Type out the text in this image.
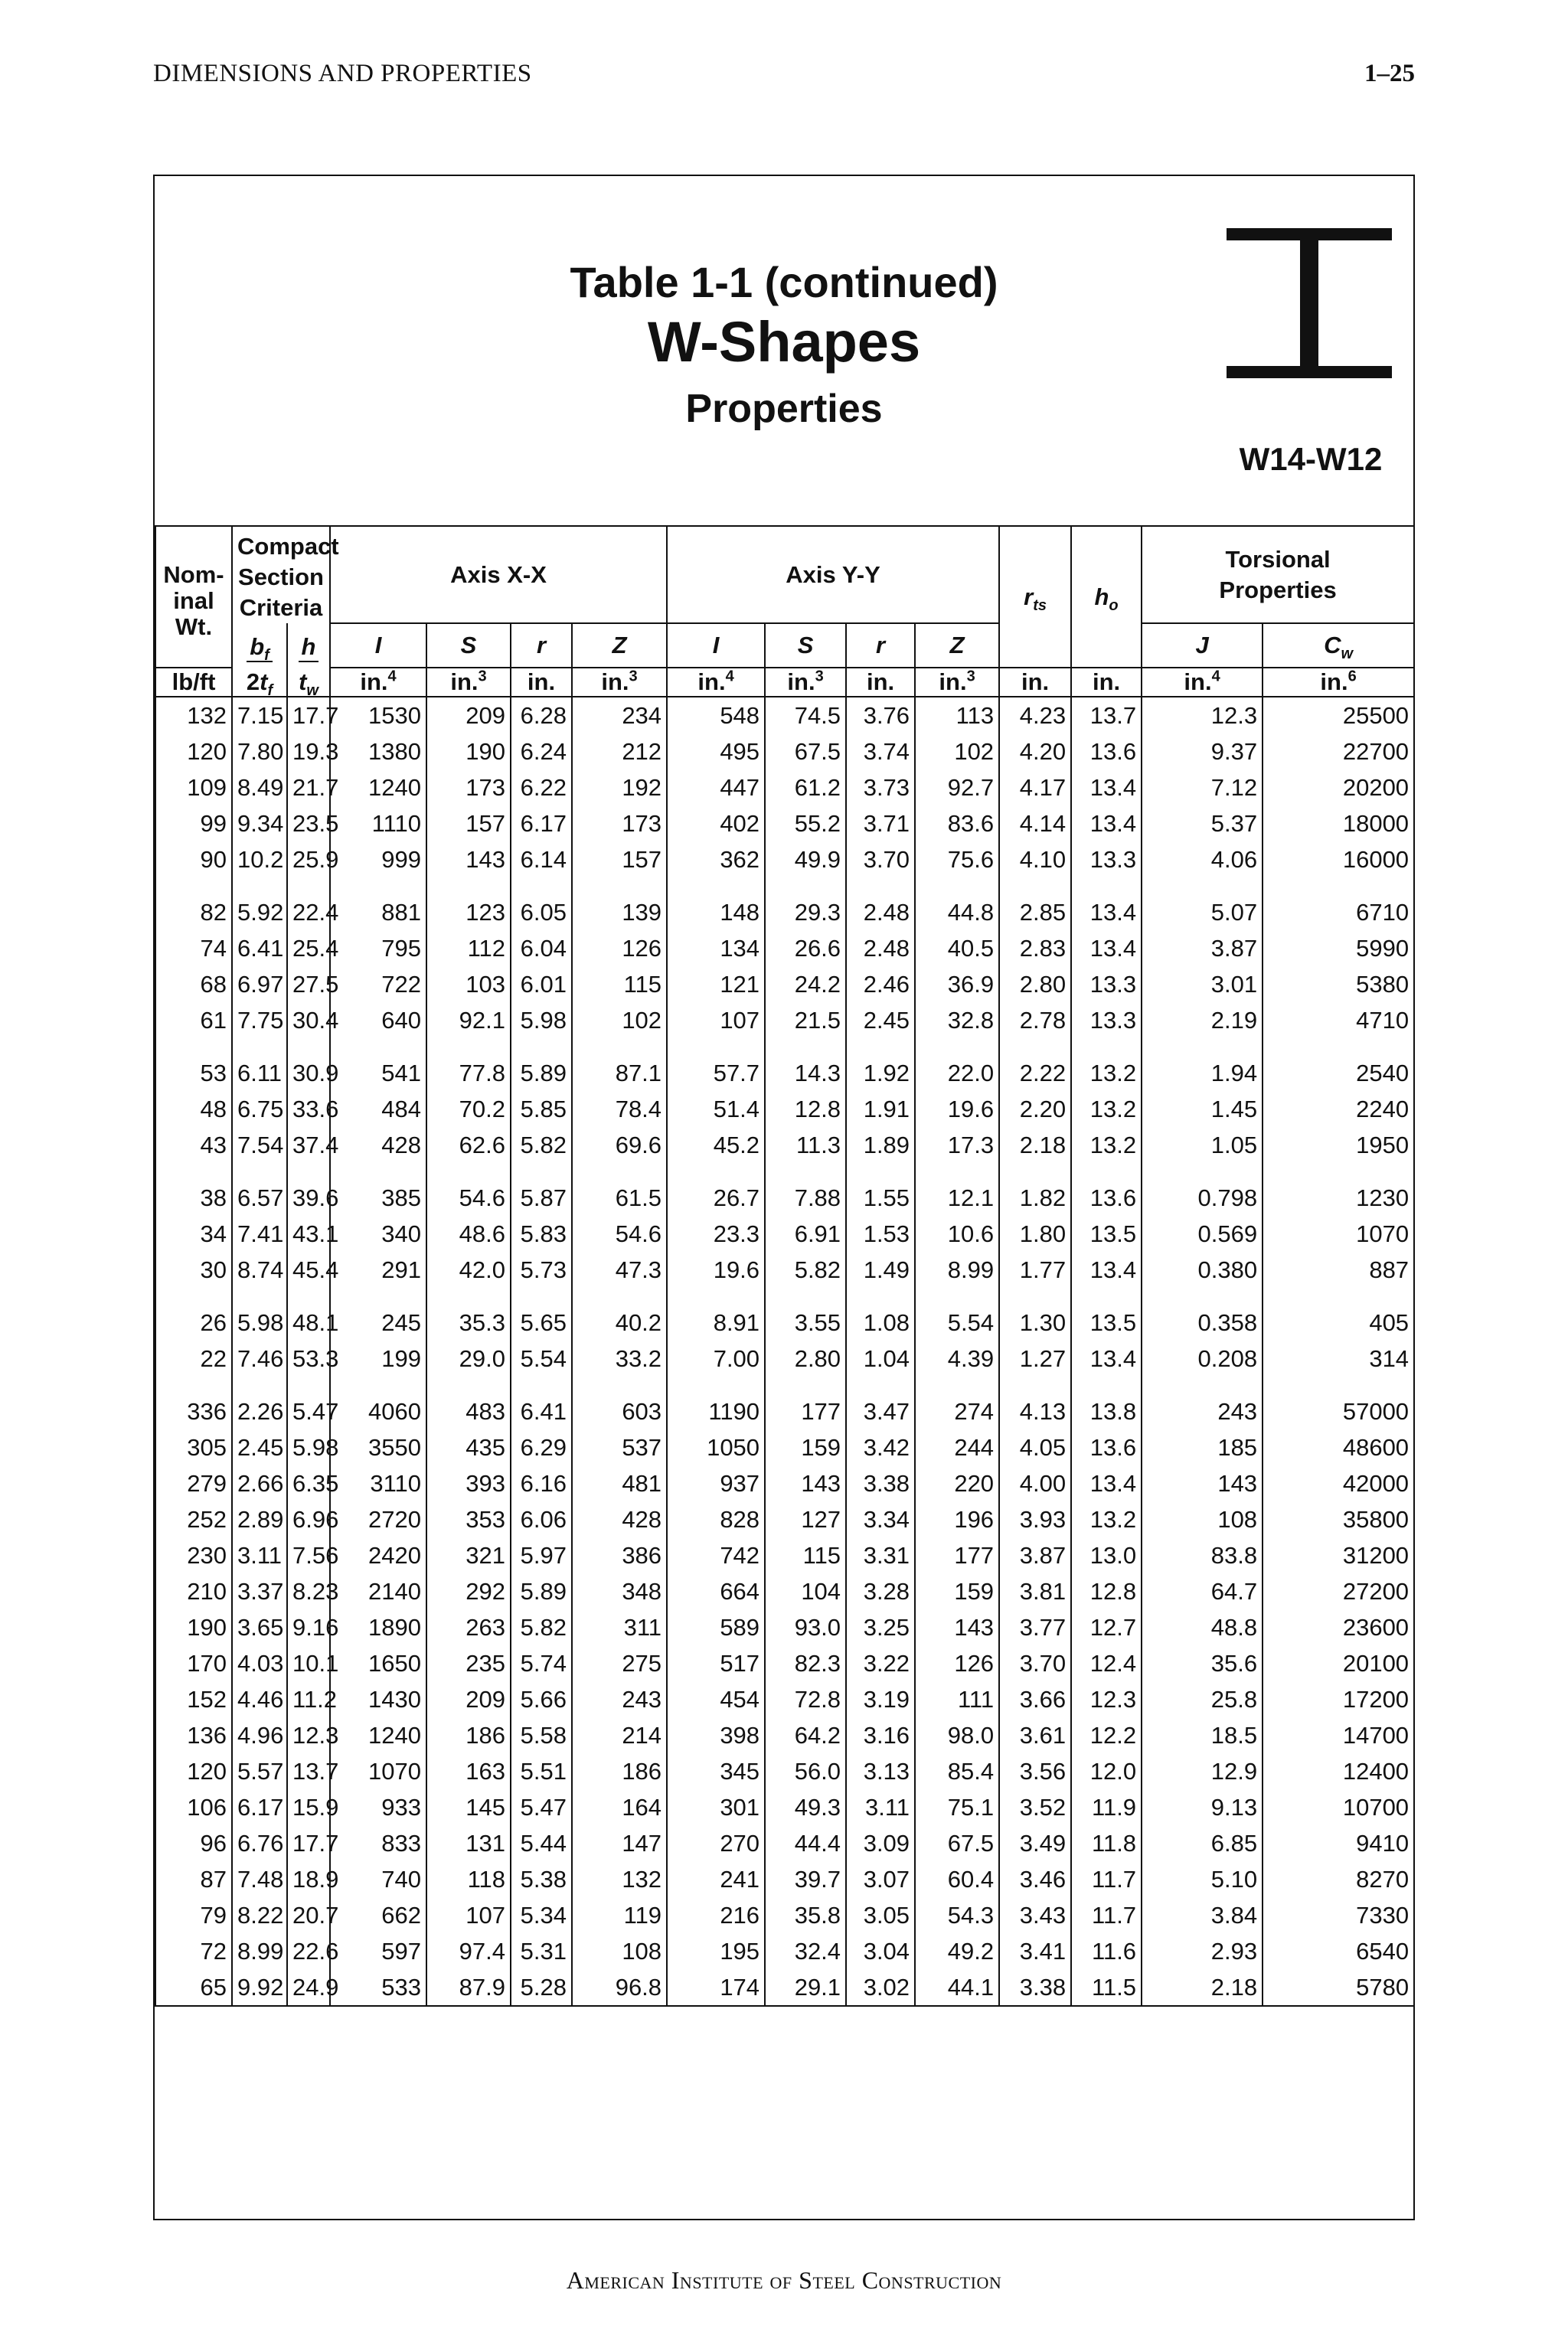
DIMENSIONS AND PROPERTIES	1–25
Table 1-1 (continued)
W-Shapes
Properties
W14-W12
Nom-
inal
Wt.	Compact
Section
Criteria		Axis X-X				Axis Y-Y				$r_{ts}$	$h_o$	Torsional
Properties	

	$b_f$	h	I	S	r	Z	I	S	r	Z			J	$C_w$
lb/ft	$2t_f$	$t_w$	in.$^4$	in.$^3$	in.	in.$^3$	in.$^4$	in.$^3$	in.	in.$^3$	in.	in.	in.$^4$	in.$^6$
132	7.15	17.7	1530	209	6.28	234	548	74.5	3.76	113	4.23	13.7	12.3	25500
120	7.80	19.3	1380	190	6.24	212	495	67.5	3.74	102	4.20	13.6	9.37	22700
109	8.49	21.7	1240	173	6.22	192	447	61.2	3.73	92.7	4.17	13.4	7.12	20200
99	9.34	23.5	1110	157	6.17	173	402	55.2	3.71	83.6	4.14	13.4	5.37	18000
90	10.2	25.9	999	143	6.14	157	362	49.9	3.70	75.6	4.10	13.3	4.06	16000

82	5.92	22.4	881	123	6.05	139	148	29.3	2.48	44.8	2.85	13.4	5.07	6710
74	6.41	25.4	795	112	6.04	126	134	26.6	2.48	40.5	2.83	13.4	3.87	5990
68	6.97	27.5	722	103	6.01	115	121	24.2	2.46	36.9	2.80	13.3	3.01	5380
61	7.75	30.4	640	92.1	5.98	102	107	21.5	2.45	32.8	2.78	13.3	2.19	4710

53	6.11	30.9	541	77.8	5.89	87.1	57.7	14.3	1.92	22.0	2.22	13.2	1.94	2540
48	6.75	33.6	484	70.2	5.85	78.4	51.4	12.8	1.91	19.6	2.20	13.2	1.45	2240
43	7.54	37.4	428	62.6	5.82	69.6	45.2	11.3	1.89	17.3	2.18	13.2	1.05	1950

38	6.57	39.6	385	54.6	5.87	61.5	26.7	7.88	1.55	12.1	1.82	13.6	0.798	1230
34	7.41	43.1	340	48.6	5.83	54.6	23.3	6.91	1.53	10.6	1.80	13.5	0.569	1070
30	8.74	45.4	291	42.0	5.73	47.3	19.6	5.82	1.49	8.99	1.77	13.4	0.380	887

26	5.98	48.1	245	35.3	5.65	40.2	8.91	3.55	1.08	5.54	1.30	13.5	0.358	405
22	7.46	53.3	199	29.0	5.54	33.2	7.00	2.80	1.04	4.39	1.27	13.4	0.208	314

336	2.26	5.47	4060	483	6.41	603	1190	177	3.47	274	4.13	13.8	243	57000
305	2.45	5.98	3550	435	6.29	537	1050	159	3.42	244	4.05	13.6	185	48600
279	2.66	6.35	3110	393	6.16	481	937	143	3.38	220	4.00	13.4	143	42000
252	2.89	6.96	2720	353	6.06	428	828	127	3.34	196	3.93	13.2	108	35800
230	3.11	7.56	2420	321	5.97	386	742	115	3.31	177	3.87	13.0	83.8	31200
210	3.37	8.23	2140	292	5.89	348	664	104	3.28	159	3.81	12.8	64.7	27200
190	3.65	9.16	1890	263	5.82	311	589	93.0	3.25	143	3.77	12.7	48.8	23600
170	4.03	10.1	1650	235	5.74	275	517	82.3	3.22	126	3.70	12.4	35.6	20100
152	4.46	11.2	1430	209	5.66	243	454	72.8	3.19	111	3.66	12.3	25.8	17200
136	4.96	12.3	1240	186	5.58	214	398	64.2	3.16	98.0	3.61	12.2	18.5	14700
120	5.57	13.7	1070	163	5.51	186	345	56.0	3.13	85.4	3.56	12.0	12.9	12400
106	6.17	15.9	933	145	5.47	164	301	49.3	3.11	75.1	3.52	11.9	9.13	10700
96	6.76	17.7	833	131	5.44	147	270	44.4	3.09	67.5	3.49	11.8	6.85	9410
87	7.48	18.9	740	118	5.38	132	241	39.7	3.07	60.4	3.46	11.7	5.10	8270
79	8.22	20.7	662	107	5.34	119	216	35.8	3.05	54.3	3.43	11.7	3.84	7330
72	8.99	22.6	597	97.4	5.31	108	195	32.4	3.04	49.2	3.41	11.6	2.93	6540
65	9.92	24.9	533	87.9	5.28	96.8	174	29.1	3.02	44.1	3.38	11.5	2.18	5780
American Institute of Steel Construction
